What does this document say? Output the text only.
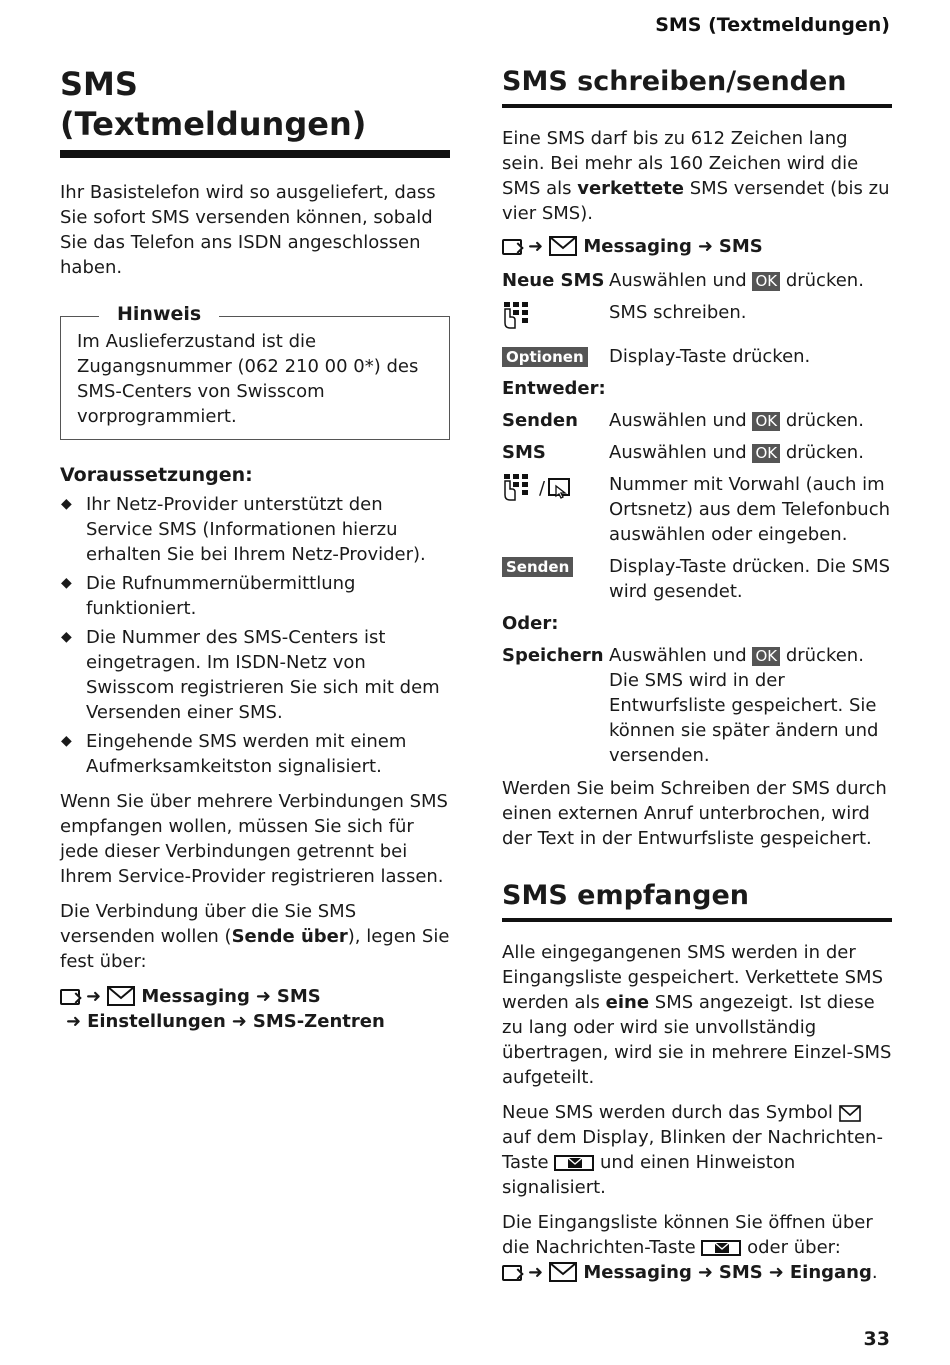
SMS (Textmeldungen)
SMS (Textmeldungen)

Ihr Basistelefon wird so ausgeliefert, dass Sie sofort SMS versenden können, sobald Sie das Telefon ans ISDN angeschlossen haben.

Hinweis

Im Auslieferzustand ist die Zugangsnummer (062 210 00 0*) des SMS-Centers von Swisscom vorprogrammiert.

Voraussetzungen:
◆ Ihr Netz-Provider unterstützt den Service SMS (Informationen hierzu erhalten Sie bei Ihrem Netz-Provider).
◆ Die Rufnummernübermittlung funktioniert.
◆ Die Nummer des SMS-Centers ist eingetragen. Im ISDN-Netz von Swisscom registrieren Sie sich mit dem Versenden einer SMS.
◆ Eingehende SMS werden mit einem Aufmerksamkeitston signalisiert.

Wenn Sie über mehrere Verbindungen SMS empfangen wollen, müssen Sie sich für jede dieser Verbindungen getrennt bei Ihrem Service-Provider registrieren lassen.

Die Verbindung über die Sie SMS versenden wollen (Sende über), legen Sie fest über:

➜ Messaging ➜ SMS
➜ Einstellungen ➜ SMS-Zentren
SMS schreiben/senden

Eine SMS darf bis zu 612 Zeichen lang sein. Bei mehr als 160 Zeichen wird die SMS als verkettete SMS versendet (bis zu vier SMS).

➜ Messaging ➜ SMS
Neue SMS	Auswählen und OK drücken.
	SMS schreiben.
Optionen	Display-Taste drücken.
Entweder:	
Senden	Auswählen und OK drücken.
SMS	Auswählen und OK drücken.
/	Nummer mit Vorwahl (auch im Ortsnetz) aus dem Telefonbuch auswählen oder eingeben.
Senden	Display-Taste drücken. Die SMS wird gesendet.
Oder:	
Speichern	Auswählen und OK drücken. Die SMS wird in der Entwurfsliste gespeichert. Sie können sie später ändern und versenden.

Werden Sie beim Schreiben der SMS durch einen externen Anruf unterbrochen, wird der Text in der Entwurfsliste gespeichert.

SMS empfangen

Alle eingegangenen SMS werden in der Eingangsliste gespeichert. Verkettete SMS werden als eine SMS angezeigt. Ist diese zu lang oder wird sie unvollständig übertragen, wird sie in mehrere Einzel-SMS aufgeteilt.

Neue SMS werden durch das Symbol  auf dem Display, Blinken der Nachrichten-Taste
und einen Hinweiston signalisiert.

Die Eingangsliste können Sie öffnen über die Nachrichten-Taste
oder über:

➜ Messaging ➜ SMS ➜ Eingang.
33
